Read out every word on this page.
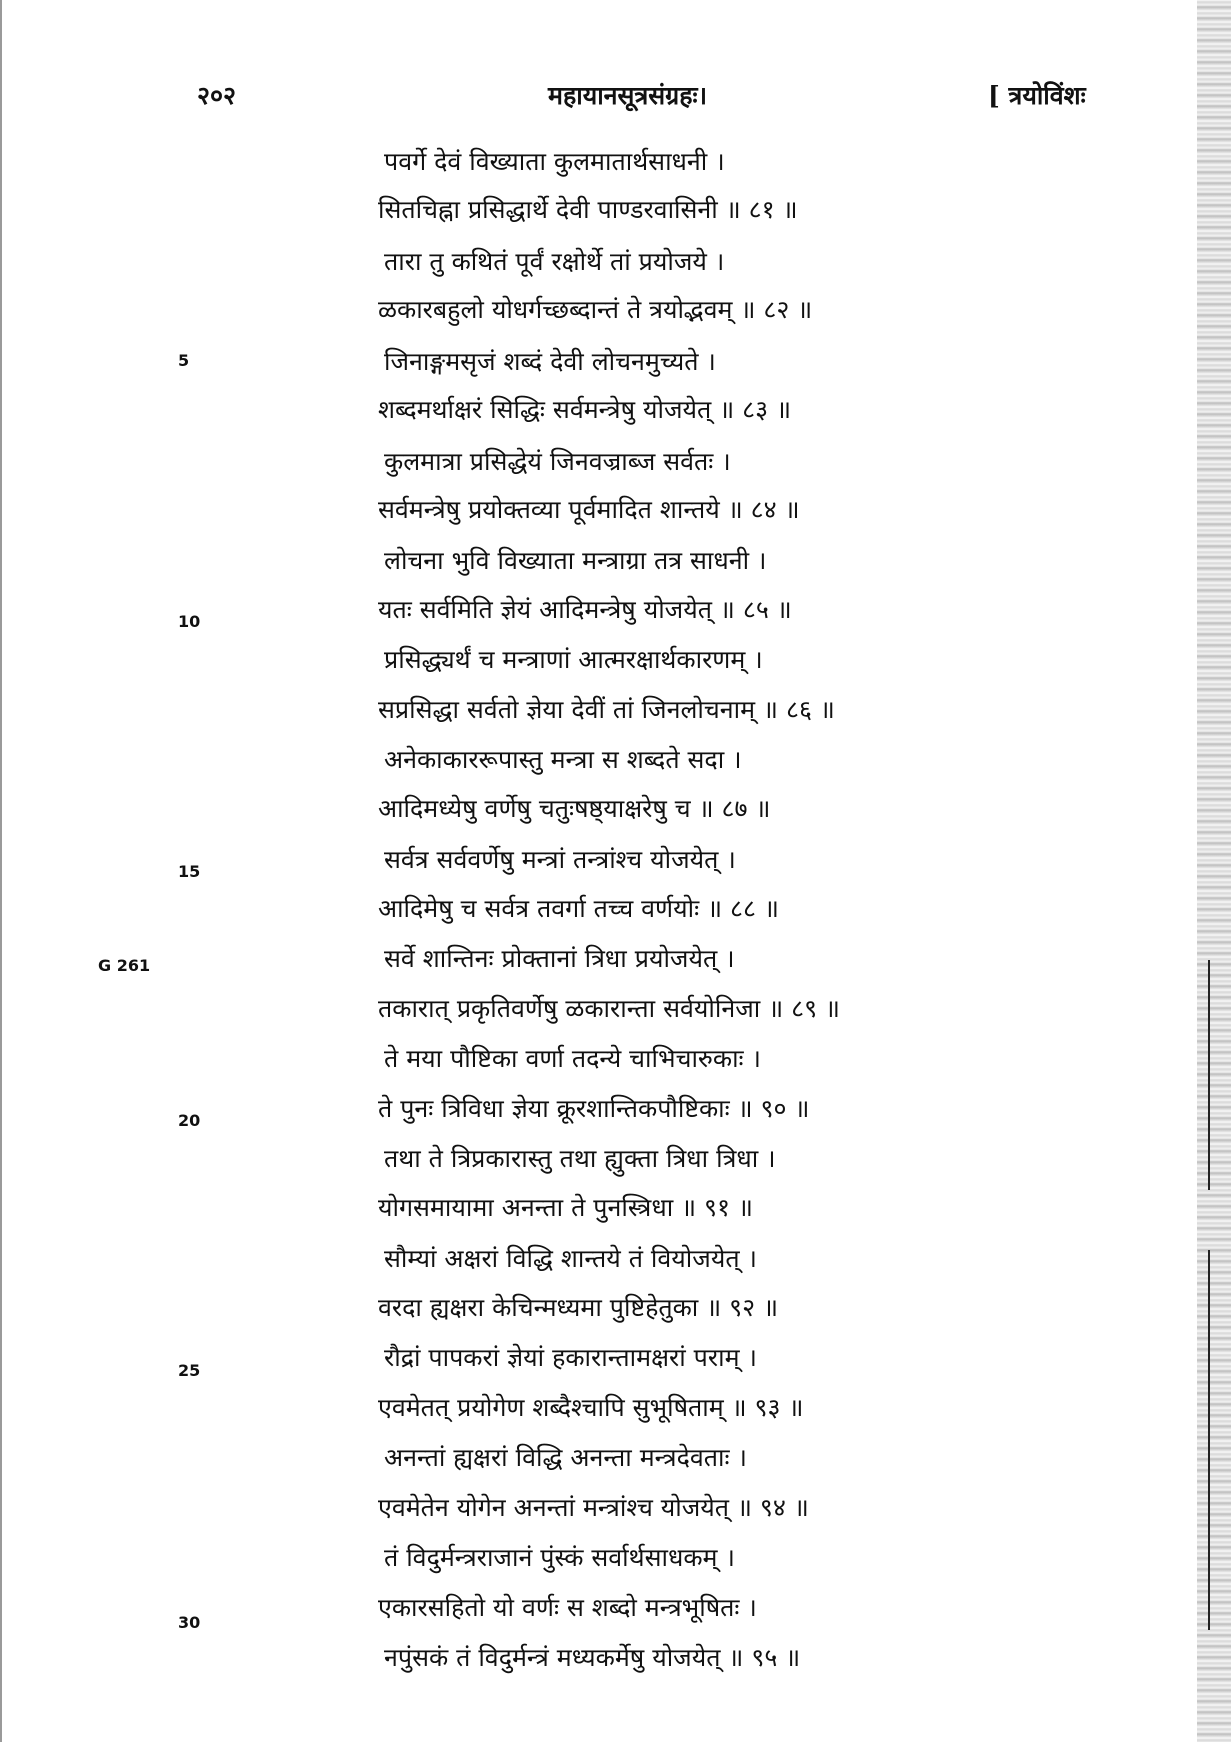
२०२	महायानसूत्रसंग्रहः।	[ त्रयोविंशः
पवर्गे देवं विख्याता कुलमातार्थसाधनी ।
सितचिह्ना प्रसिद्धार्थे देवी पाण्डरवासिनी ॥ ८१ ॥
तारा तु कथितं पूर्वं रक्षोर्थे तां प्रयोजये ।
ळकारबहुलो योधर्गच्छब्दान्तं ते त्रयोद्भवम् ॥ ८२ ॥
जिनाङ्गमसृजं शब्दं देवी लोचनमुच्यते ।
शब्दमर्थाक्षरं सिद्धिः सर्वमन्त्रेषु योजयेत् ॥ ८३ ॥
कुलमात्रा प्रसिद्धेयं जिनवज्राब्ज सर्वतः ।
सर्वमन्त्रेषु प्रयोक्तव्या पूर्वमादित शान्तये ॥ ८४ ॥
लोचना भुवि विख्याता मन्त्राग्रा तत्र साधनी ।
यतः सर्वमिति ज्ञेयं आदिमन्त्रेषु योजयेत् ॥ ८५ ॥
प्रसिद्ध्यर्थं च मन्त्राणां आत्मरक्षार्थकारणम् ।
सप्रसिद्धा सर्वतो ज्ञेया देवीं तां जिनलोचनाम् ॥ ८६ ॥
अनेकाकाररूपास्तु मन्त्रा स शब्दते सदा ।
आदिमध्येषु वर्णेषु चतुःषष्ठ्याक्षरेषु च ॥ ८७ ॥
सर्वत्र सर्ववर्णेषु मन्त्रां तन्त्रांश्च योजयेत् ।
आदिमेषु च सर्वत्र तवर्गा तच्च वर्णयोः ॥ ८८ ॥
सर्वे शान्तिनः प्रोक्तानां त्रिधा प्रयोजयेत् ।
तकारात् प्रकृतिवर्णेषु ळकारान्ता सर्वयोनिजा ॥ ८९ ॥
ते मया पौष्टिका वर्णा तदन्ये चाभिचारुकाः ।
ते पुनः त्रिविधा ज्ञेया क्रूरशान्तिकपौष्टिकाः ॥ ९० ॥
तथा ते त्रिप्रकारास्तु तथा ह्युक्ता त्रिधा त्रिधा ।
योगसमायामा अनन्ता ते पुनस्त्रिधा ॥ ९१ ॥
सौम्यां अक्षरां विद्धि शान्तये तं वियोजयेत् ।
वरदा ह्यक्षरा केचिन्मध्यमा पुष्टिहेतुका ॥ ९२ ॥
रौद्रां पापकरां ज्ञेयां हकारान्तामक्षरां पराम् ।
एवमेतत् प्रयोगेण शब्दैश्चापि सुभूषिताम् ॥ ९३ ॥
अनन्तां ह्यक्षरां विद्धि अनन्ता मन्त्रदेवताः ।
एवमेतेन योगेन अनन्तां मन्त्रांश्च योजयेत् ॥ ९४ ॥
तं विदुर्मन्त्रराजानं पुंस्कं सर्वार्थसाधकम् ।
एकारसहितो यो वर्णः स शब्दो मन्त्रभूषितः ।
नपुंसकं तं विदुर्मन्त्रं मध्यकर्मेषु योजयेत् ॥ ९५ ॥
5
10
15
20
25
30
G 261
